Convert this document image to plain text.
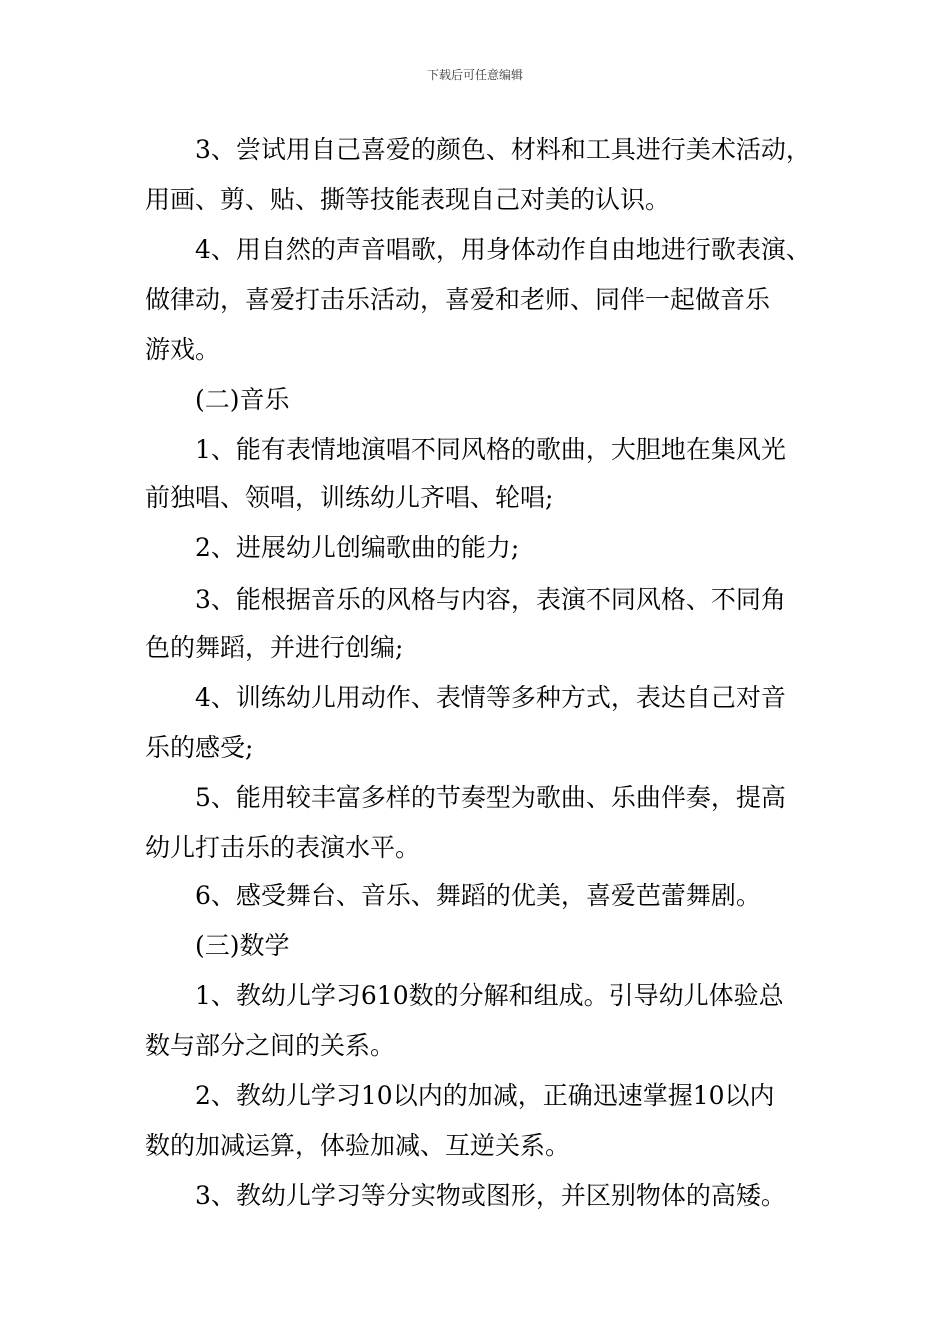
下载后可任意编辑
3、尝试用自己喜爱的颜色、材料和工具进行美术活动，
用画、剪、贴、撕等技能表现自己对美的认识。
4、用自然的声音唱歌，用身体动作自由地进行歌表演、
做律动，喜爱打击乐活动，喜爱和老师、同伴一起做音乐
游戏。
(二)音乐
1、能有表情地演唱不同风格的歌曲，大胆地在集风光
前独唱、领唱，训练幼儿齐唱、轮唱;
2、进展幼儿创编歌曲的能力;
3、能根据音乐的风格与内容，表演不同风格、不同角
色的舞蹈，并进行创编;
4、训练幼儿用动作、表情等多种方式，表达自己对音
乐的感受;
5、能用较丰富多样的节奏型为歌曲、乐曲伴奏，提高
幼儿打击乐的表演水平。
6、感受舞台、音乐、舞蹈的优美，喜爱芭蕾舞剧。
(三)数学
1、教幼儿学习610数的分解和组成。引导幼儿体验总
数与部分之间的关系。
2、教幼儿学习10以内的加减，正确迅速掌握10以内
数的加减运算，体验加减、互逆关系。
3、教幼儿学习等分实物或图形，并区别物体的高矮。
